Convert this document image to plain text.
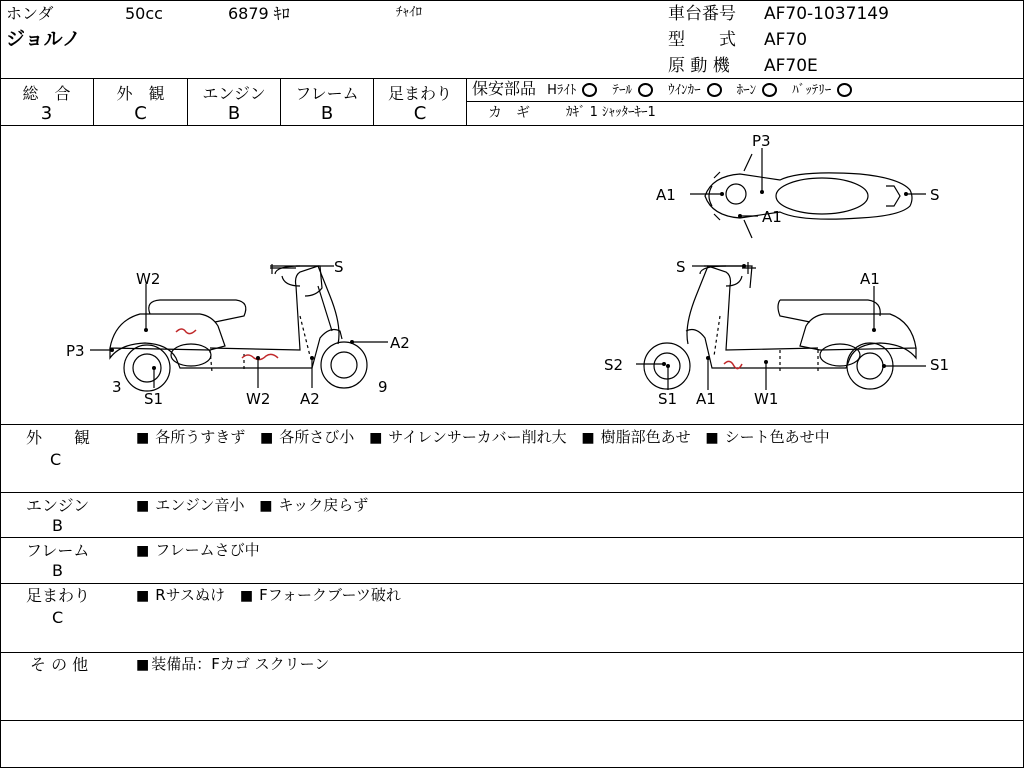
ホンダ	50cc	6879 ｷﾛ	ﾁｬｲﾛ
ジョルノ
車台番号 AF70-1037149
型　　式 AF70
原 動 機 AF70E
総　合
3
外　観
C
エンジン
B
フレーム
B
足まわり
C
保安部品 Hﾗｲﾄ	ﾃｰﾙ	ｳｲﾝｶｰ	ﾎｰﾝ	ﾊﾞｯﾃﾘｰ
カ　ギ	ｶｷﾞ 1 ｼｬｯﾀｰｷｰ1
S
W2
P3
3
S1	W2 A2
A2
9
P3
A1	S
A1
S
A1
S2	S1
S1 A1	W1
外　　観
C
■ 各所うすきず ■ 各所さび小 ■ サイレンサーカバー削れ大 ■ 樹脂部色あせ ■ シート色あせ中
エンジン
B
■ エンジン音小 ■ キック戻らず
フレーム
B
■ フレームさび中
足まわり
C
■ Rサスぬけ ■ Fフォークブーツ破れ
そ の 他	■ 装備品：Fカゴ スクリーン
